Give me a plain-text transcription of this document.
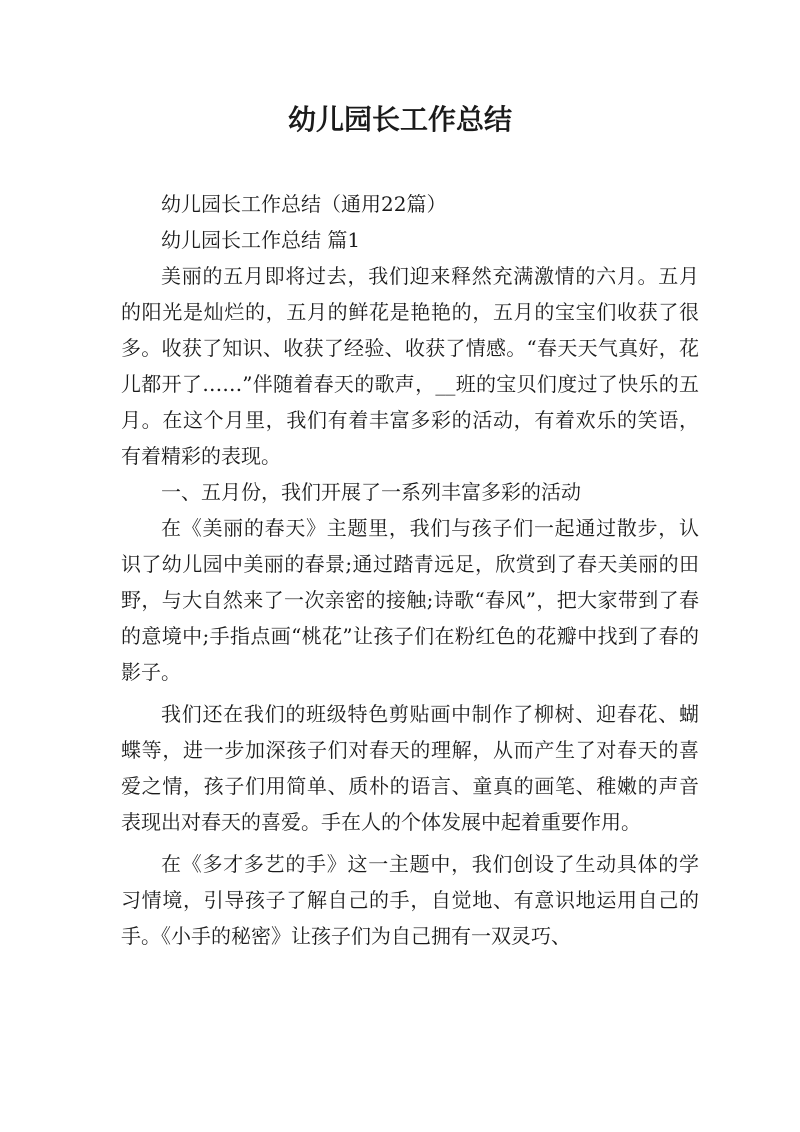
幼儿园长工作总结

幼儿园长工作总结（通用22篇）

幼儿园长工作总结 篇1

美丽的五月即将过去，我们迎来释然充满激情的六月。五月的阳光是灿烂的，五月的鲜花是艳艳的，五月的宝宝们收获了很多。收获了知识、收获了经验、收获了情感。“春天天气真好，花儿都开了……”伴随着春天的歌声，__班的宝贝们度过了快乐的五月。在这个月里，我们有着丰富多彩的活动，有着欢乐的笑语，有着精彩的表现。

一、五月份，我们开展了一系列丰富多彩的活动

在《美丽的春天》主题里，我们与孩子们一起通过散步，认识了幼儿园中美丽的春景;通过踏青远足，欣赏到了春天美丽的田野，与大自然来了一次亲密的接触;诗歌“春风”，把大家带到了春的意境中;手指点画“桃花”让孩子们在粉红色的花瓣中找到了春的影子。

我们还在我们的班级特色剪贴画中制作了柳树、迎春花、蝴蝶等，进一步加深孩子们对春天的理解，从而产生了对春天的喜爱之情，孩子们用简单、质朴的语言、童真的画笔、稚嫩的声音表现出对春天的喜爱。手在人的个体发展中起着重要作用。

在《多才多艺的手》这一主题中，我们创设了生动具体的学习情境，引导孩子了解自己的手，自觉地、有意识地运用自己的手。《小手的秘密》让孩子们为自己拥有一双灵巧、
